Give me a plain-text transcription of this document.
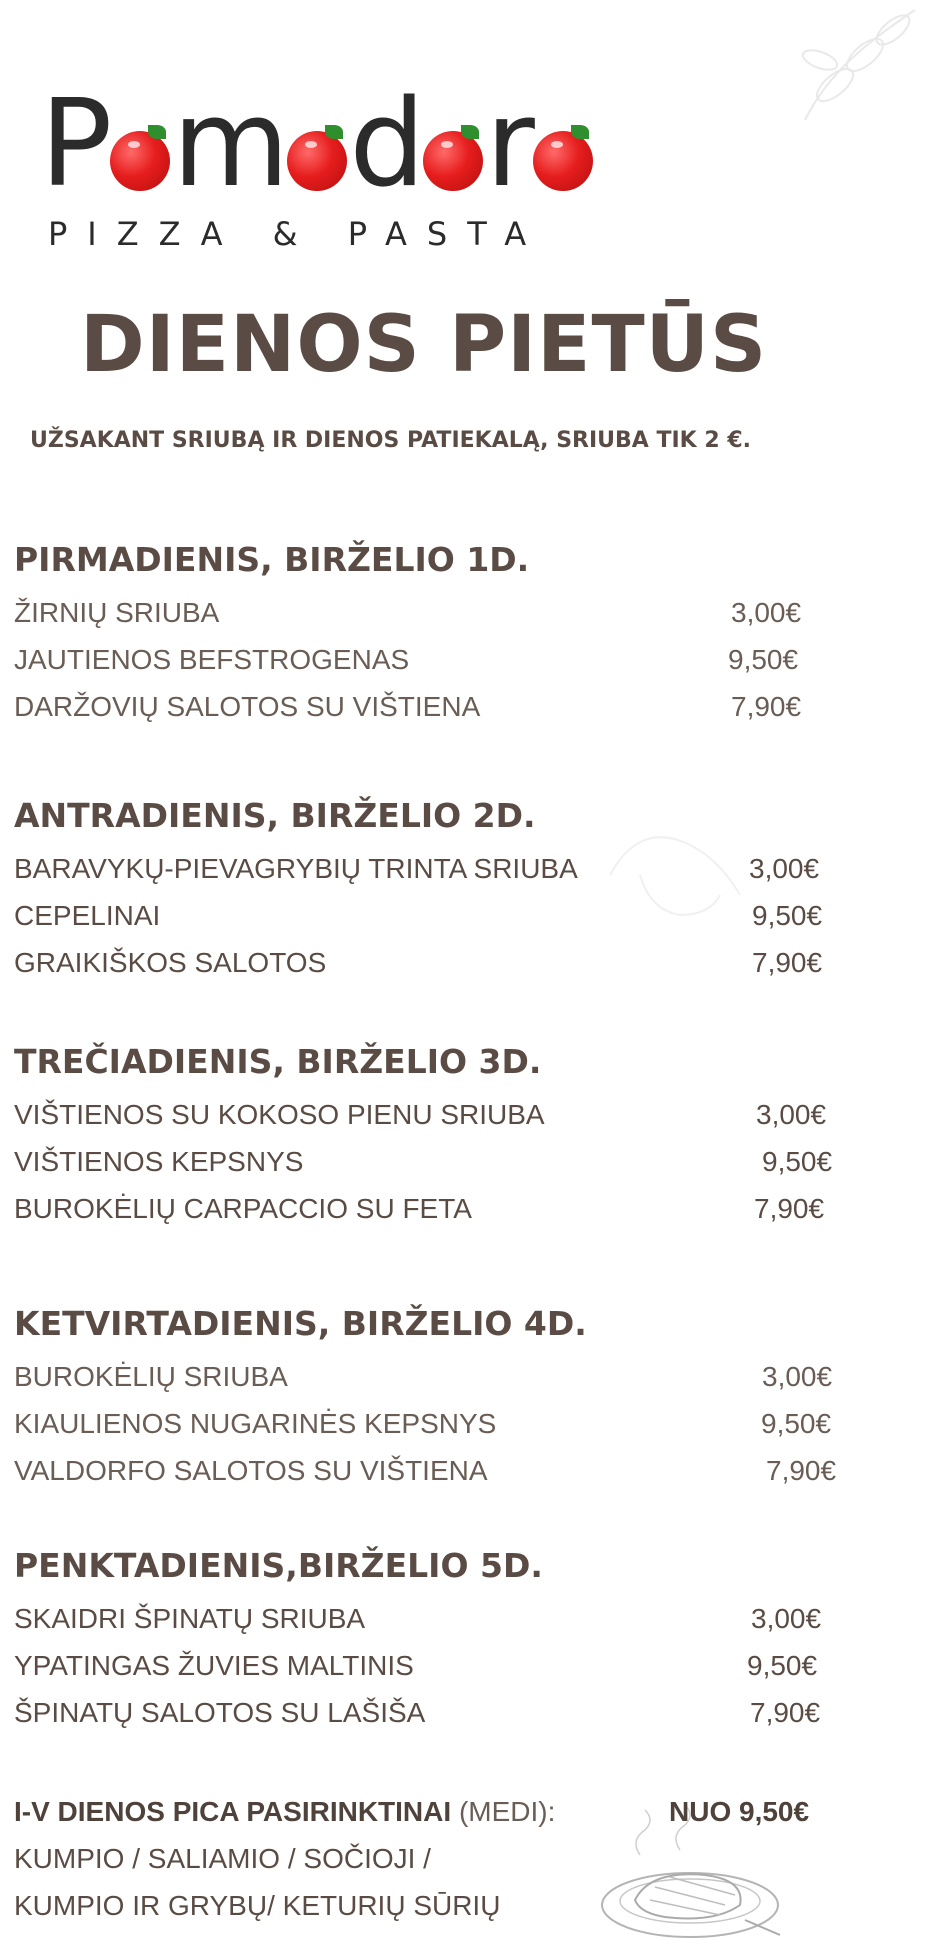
P m d r
PIZZA & PASTA
DIENOS PIETŪS
UŽSAKANT SRIUBĄ IR DIENOS PATIEKALĄ, SRIUBA TIK 2 €.
PIRMADIENIS, BIRŽELIO 1D.
ŽIRNIŲ SRIUBA	3,00€
JAUTIENOS BEFSTROGENAS	9,50€
DARŽOVIŲ SALOTOS SU VIŠTIENA	7,90€
ANTRADIENIS, BIRŽELIO 2D.
BARAVYKŲ-PIEVAGRYBIŲ TRINTA SRIUBA	3,00€
CEPELINAI	9,50€
GRAIKIŠKOS SALOTOS	7,90€
TREČIADIENIS, BIRŽELIO 3D.
VIŠTIENOS SU KOKOSO PIENU SRIUBA	3,00€
VIŠTIENOS KEPSNYS	9,50€
BUROKĖLIŲ CARPACCIO SU FETA	7,90€
KETVIRTADIENIS, BIRŽELIO 4D.
BUROKĖLIŲ SRIUBA	3,00€
KIAULIENOS NUGARINĖS KEPSNYS	9,50€
VALDORFO SALOTOS SU VIŠTIENA	7,90€
PENKTADIENIS,BIRŽELIO 5D.
SKAIDRI ŠPINATŲ SRIUBA	3,00€
YPATINGAS ŽUVIES MALTINIS	9,50€
ŠPINATŲ SALOTOS SU LAŠIŠA	7,90€
I-V DIENOS PICA PASIRINKTINAI (MEDI):	NUO 9,50€
KUMPIO / SALIAMIO / SOČIOJI /
KUMPIO IR GRYBŲ/ KETURIŲ SŪRIŲ
